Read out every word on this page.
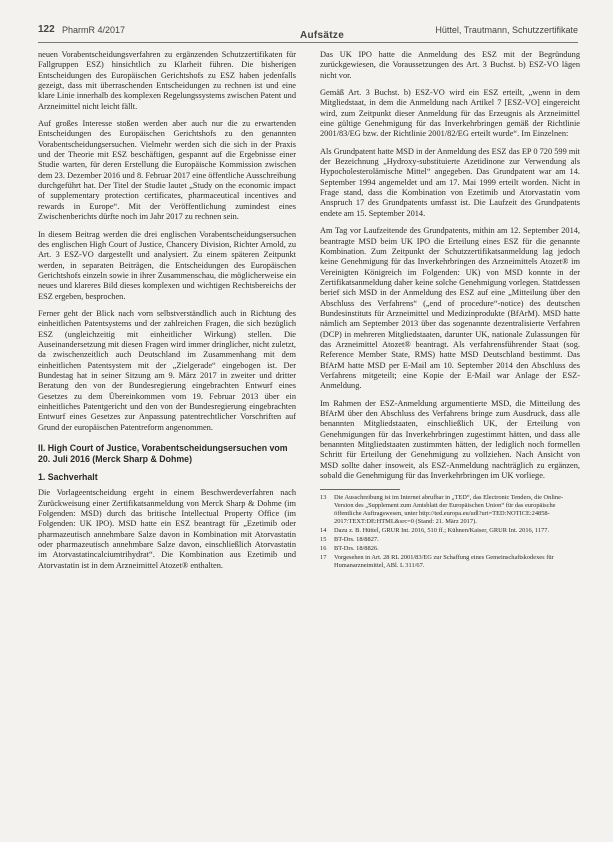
122 PharmR 4/2017	Aufsätze	Hüttel, Trautmann, Schutzzertifikate

neuen Vorabentscheidungsverfahren zu ergänzenden Schutzzertifikaten für Fallgruppen ESZ) hinsichtlich zu Klarheit führen. Die bisherigen Entscheidungen des Europäischen Gerichtshofs zu ESZ haben jedenfalls gezeigt, dass mit überraschenden Entscheidungen zu rechnen ist und eine klare Linie innerhalb des komplexen Regelungssystems zwischen Patent und Arzneimittel nicht leicht fällt.

Auf großes Interesse stoßen werden aber auch nur die zu erwartenden Entscheidungen des Europäischen Gerichtshofs zu den genannten Vorabentscheidungsersuchen. Vielmehr werden sich die sich in der Praxis und der Theorie mit ESZ beschäftigen, gespannt auf die Ergebnisse einer Studie warten, für deren Erstellung die Europäische Kommission zwischen dem 23. Dezember 2016 und 8. Februar 2017 eine öffentliche Ausschreibung durchgeführt hat. Der Titel der Studie lautet „Study on the economic impact of supplementary protection certificates, pharmaceutical incentives and rewards in Europe“. Mit der Veröffentlichung zumindest eines Zwischenberichts dürfte noch im Jahr 2017 zu rechnen sein.

In diesem Beitrag werden die drei englischen Vorabentscheidungsersuchen des englischen High Court of Justice, Chancery Division, Richter Arnold, zu Art. 3 ESZ-VO dargestellt und analysiert. Zu einem späteren Zeitpunkt werden, in separaten Beiträgen, die Entscheidungen des Europäischen Gerichtshofs einzeln sowie in ihrer Zusammenschau, die möglicherweise ein neues und klareres Bild dieses komplexen und wichtigen Rechtsbereichs der ESZ ergeben, besprochen.

Ferner geht der Blick nach vorn selbstverständlich auch in Richtung des einheitlichen Patentsystems und der zahlreichen Fragen, die sich bezüglich ESZ (ungleichzeitig mit einheitlicher Wirkung) stellen. Die Auseinandersetzung mit diesen Fragen wird immer dringlicher, nicht zuletzt, da zwischenzeitlich auch Deutschland im Zusammenhang mit dem einheitlichen Patentsystem mit der „Zielgerade“ eingebogen ist. Der Bundestag hat in seiner Sitzung am 9. März 2017 in zweiter und dritter Beratung den von der Bundesregierung eingebrachten Entwurf eines Gesetzes zu dem Übereinkommen vom 19. Februar 2013 über ein einheitliches Patentgericht und den von der Bundesregierung eingebrachten Entwurf eines Gesetzes zur Anpassung patentrechtlicher Vorschriften auf Grund der europäischen Patentreform angenommen.

II. High Court of Justice, Vorabentscheidungsersuchen vom 20. Juli 2016 (Merck Sharp & Dohme)
1. Sachverhalt

Die Vorlageentscheidung ergeht in einem Beschwerdeverfahren nach Zurückweisung einer Zertifikatsanmeldung von Merck Sharp & Dohme (im Folgenden: MSD) durch das britische Intellectual Property Office (im Folgenden: UK IPO). MSD hatte ein ESZ beantragt für „Ezetimib oder pharmazeutisch annehmbare Salze davon in Kombination mit Atorvastatin oder pharmazeutisch annehmbare Salze davon, einschließlich Atorvastatin im Atorvastatincalciumtrihydrat“. Die Kombination aus Ezetimib und Atorvastatin ist in dem Arzneimittel Atozet® enthalten.

Das UK IPO hatte die Anmeldung des ESZ mit der Begründung zurückgewiesen, die Voraussetzungen des Art. 3 Buchst. b) ESZ-VO lägen nicht vor.

Gemäß Art. 3 Buchst. b) ESZ-VO wird ein ESZ erteilt, „wenn in dem Mitgliedstaat, in dem die Anmeldung nach Artikel 7 [ESZ-VO] eingereicht wird, zum Zeitpunkt dieser Anmeldung für das Erzeugnis als Arzneimittel eine gültige Genehmigung für das Inverkehrbringen gemäß der Richtlinie 2001/83/EG bzw. der Richtlinie 2001/82/EG erteilt wurde“. Im Einzelnen:

Als Grundpatent hatte MSD in der Anmeldung des ESZ das EP 0 720 599 mit der Bezeichnung „Hydroxy-substituierte Azetidinone zur Verwendung als Hypocholesterolämische Mittel“ angegeben. Das Grundpatent war am 14. September 1994 angemeldet und am 17. Mai 1999 erteilt worden. Nicht in Frage stand, dass die Kombination von Ezetimib und Atorvastatin vom Anspruch 17 des Grundpatents umfasst ist. Die Laufzeit des Grundpatents endete am 15. September 2014.

Am Tag vor Laufzeitende des Grundpatents, mithin am 12. September 2014, beantragte MSD beim UK IPO die Erteilung eines ESZ für die genannte Kombination. Zum Zeitpunkt der Schutzzertifikatsanmeldung lag jedoch keine Genehmigung für das Inverkehrbringen des Arzneimittels Atozet® im Vereinigten Königreich im Folgenden: UK) von MSD konnte in der Zertifikatsanmeldung daher keine solche Genehmigung vorlegen. Stattdessen berief sich MSD in der Anmeldung des ESZ auf eine „Mitteilung über den Abschluss des Verfahrens“ („end of procedure“-notice) des deutschen Bundesinstituts für Arzneimittel und Medizinprodukte (BfArM). MSD hatte nämlich am September 2013 über das sogenannte dezentralisierte Verfahren (DCP) in mehreren Mitgliedstaaten, darunter UK, nationale Zulassungen für das Arzneimittel Atozet® beantragt. Als verfahrensführender Staat (sog. Reference Member State, RMS) hatte MSD Deutschland bestimmt. Das BfArM hatte MSD per E-Mail am 10. September 2014 den Abschluss des Verfahrens mitgeteilt; eine Kopie der E-Mail war Anlage der ESZ-Anmeldung.

Im Rahmen der ESZ-Anmeldung argumentierte MSD, die Mitteilung des BfArM über den Abschluss des Verfahrens bringe zum Ausdruck, dass alle benannten Mitgliedstaaten, einschließlich UK, der Erteilung von Genehmigungen für das Inverkehrbringen zugestimmt hätten, und dass alle benannten Mitgliedstaaten zustimmten hätten, der lediglich noch formellen Schritt für Erteilung der Genehmigung zu vollziehen. Nach Ansicht von MSD sollte daher insoweit, als ESZ-Anmeldung nachträglich zu ergänzen, sobald die Genehmigung für das Inverkehrbringen im UK vorliege.

13	Die Ausschreibung ist im Internet abrufbar in „TED“, das Electronic Tenders, die Online-Version des „Supplement zum Amtsblatt der Europäischen Union“ für das europäische öffentliche Auftragswesen, unter http://ted.europa.eu/udl?uri=TED:NOTICE:24858-2017:TEXT:DE:HTML&src=0 (Stand: 21. März 2017).
14	Dazu z. B. Hüttel, GRUR Int. 2016, 510 ff.; Kühnen/Kaiser, GRUR Int. 2016, 1177.
15	BT-Drs. 18/8827.
16	BT-Drs. 18/8826.
17	Vorgesehen in Art. 28 RL 2001/83/EG zur Schaffung eines Gemeinschaftskodexes für Humanarzneimittel, ABl. L 311/67.
